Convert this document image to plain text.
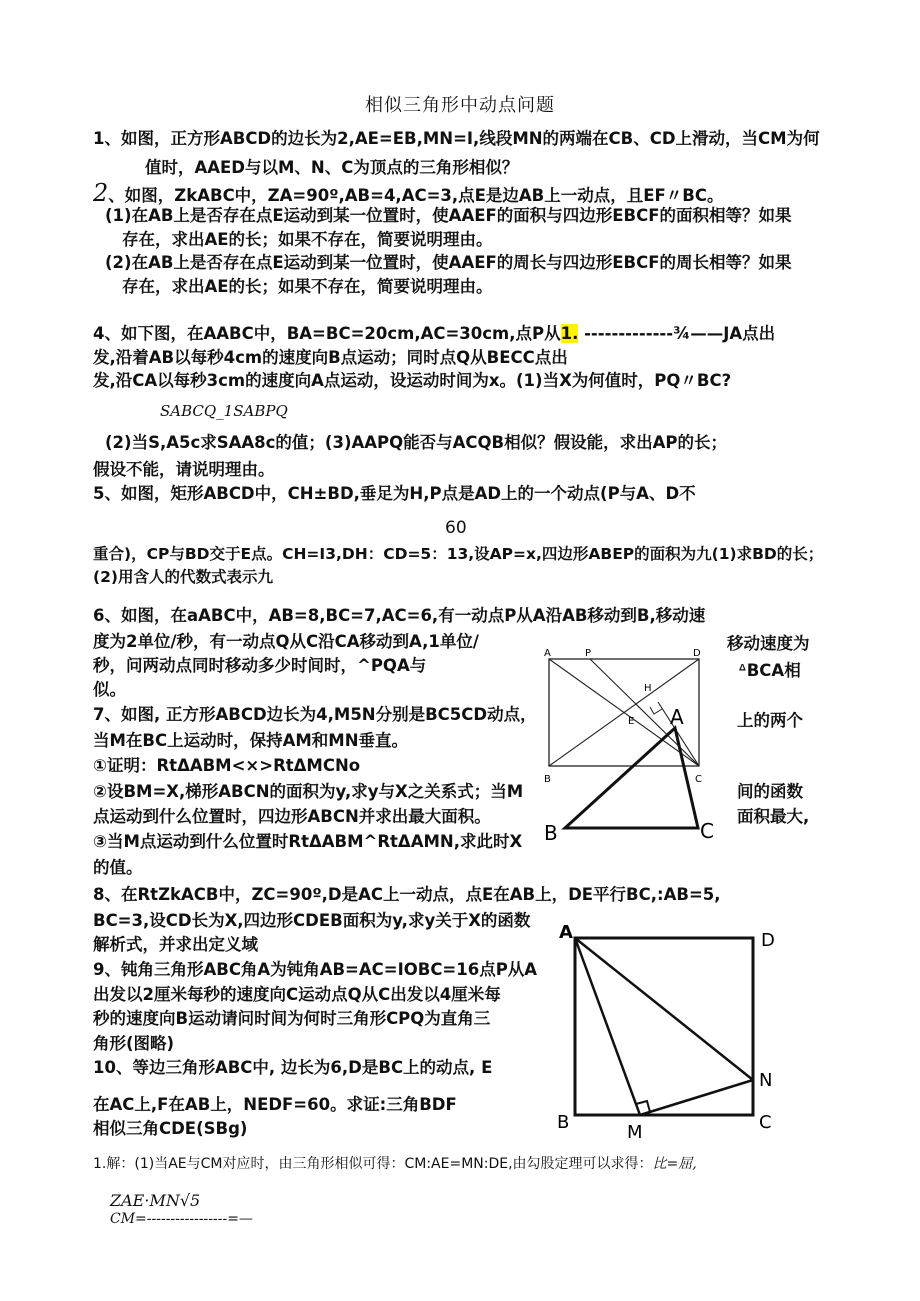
相似三角形中动点问题
1、如图，正方形ABCD的边长为2,AE=EB,MN=I,线段MN的两端在CB、CD上滑动，当CM为何
值时，AAED与以M、N、C为顶点的三角形相似？
2、如图，ZkABC中，ZA=90º,AB=4,AC=3,点E是边AB上一动点，且EF〃BC。
(1)在AB上是否存在点E运动到某一位置时，使AAEF的面积与四边形EBCF的面积相等？如果
存在，求出AE的长；如果不存在，简要说明理由。
(2)在AB上是否存在点E运动到某一位置时，使AAEF的周长与四边形EBCF的周长相等？如果
存在，求出AE的长；如果不存在，简要说明理由。
4、如下图，在AABC中，BA=BC=20cm,AC=30cm,点P从1. -------------¾——JA点出
发,沿着AB以每秒4cm的速度向B点运动；同时点Q从BECC点出
发,沿CA以每秒3cm的速度向A点运动，设运动时间为x。(1)当X为何值时，PQ〃BC?
SABCQ_1SABPQ
(2)当S,A5c求SAA8c的值；(3)AAPQ能否与ACQB相似？假设能，求出AP的长；
假设不能，请说明理由。
5、如图，矩形ABCD中，CH±BD,垂足为H,P点是AD上的一个动点(P与A、D不
60
重合)，CP与BD交于E点。CH=I3,DH：CD=5：13,设AP=x,四边形ABEP的面积为九(1)求BD的长；
(2)用含人的代数式表示九
6、如图，在aABC中，AB=8,BC=7,AC=6,有一动点P从A沿AB移动到B,移动速
度为2单位/秒，有一动点Q从C沿CA移动到A,1单位/
秒，问两动点同时移动多少时间时，^PQA与
似。
移动速度为
ᐞBCA相
7、如图, 正方形ABCD边长为4,M5N分别是BC5CD动点，
当M在BC上运动时，保持AM和MN垂直。
①证明：RtΔABM<×>RtΔMCNo
②设BM=X,梯形ABCN的面积为y,求y与X之关系式；当M
点运动到什么位置时，四边形ABCN并求出最大面积。
③当M点运动到什么位置时RtΔABM^RtΔAMN,求此时X
的值。
上的两个
间的函数
面积最大,
8、在RtZkACB中，ZC=90º,D是AC上一动点，点E在AB上，DE平行BC,:AB=5,
BC=3,设CD长为X,四边形CDEB面积为y,求y关于X的函数
解析式，并求出定义域
9、钝角三角形ABC角A为钝角AB=AC=IOBC=16点P从A
出发以2厘米每秒的速度向C运动点Q从C出发以4厘米每
秒的速度向B运动请问时间为何时三角形CPQ为直角三
角形(图略)
10、等边三角形ABC中, 边长为6,D是BC上的动点, E
在AC上,F在AB上，NEDF=60。求证:三角BDF
相似三角CDE(SBg)
1.解：(1)当AE与CM对应时，由三角形相似可得：CM:AE=MN:DE,由勾股定理可以求得：比=屈,
ZAE·MN√5
CM=-----------------=—
A	P	D
H
E
B	C
A
B	C
A	D
N
B	M	C
